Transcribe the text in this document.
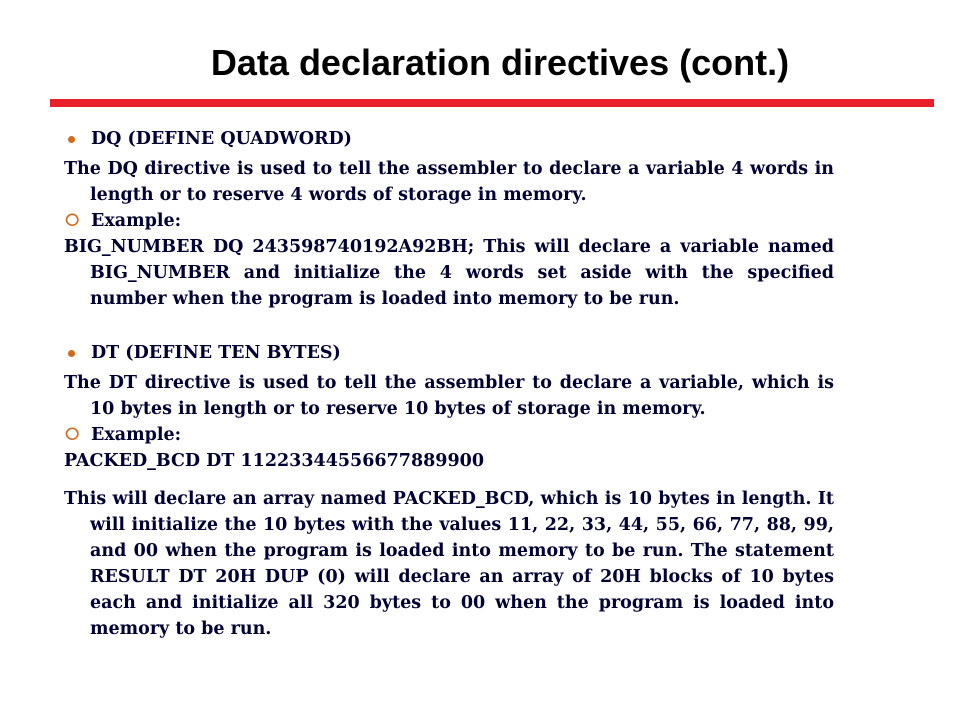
Data declaration directives (cont.)
DQ (DEFINE QUADWORD)

The DQ directive is used to tell the assembler to declare a variable 4 words in length or to reserve 4 words of storage in memory.

⭘ Example:

BIG_NUMBER DQ 243598740192A92BH; This will declare a variable named BIG_NUMBER and initialize the 4 words set aside with the specified number when the program is loaded into memory to be run.

DT (DEFINE TEN BYTES)

The DT directive is used to tell the assembler to declare a variable, which is 10 bytes in length or to reserve 10 bytes of storage in memory.

⭘ Example:

PACKED_BCD DT 11223344556677889900

This will declare an array named PACKED_BCD, which is 10 bytes in length. It will initialize the 10 bytes with the values 11, 22, 33, 44, 55, 66, 77, 88, 99, and 00 when the program is loaded into memory to be run. The statement RESULT DT 20H DUP (0) will declare an array of 20H blocks of 10 bytes each and initialize all 320 bytes to 00 when the program is loaded into memory to be run.
